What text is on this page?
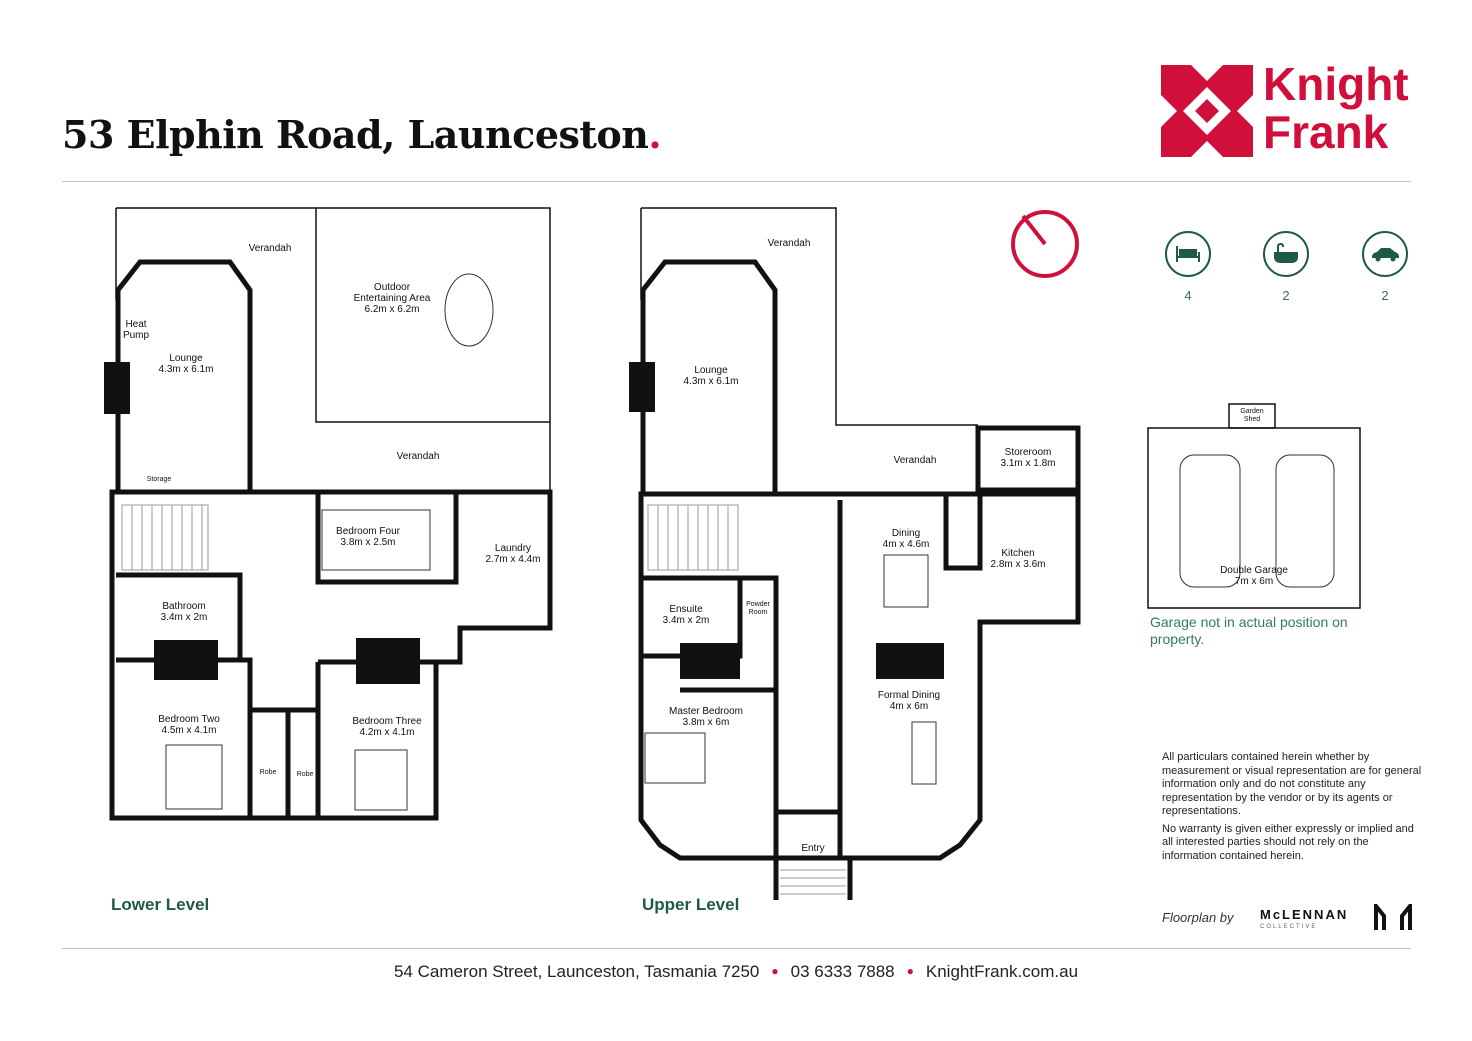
53 Elphin Road, Launceston.
Knight
Frank
Verandah
Outdoor
Entertaining Area
6.2m x 6.2m
Heat
Pump
Lounge
4.3m x 6.1m
Storage
Verandah
Bedroom Four
3.8m x 2.5m
Laundry
2.7m x 4.4m
Bathroom
3.4m x 2m
Bedroom Two
4.5m x 4.1m
Bedroom Three
4.2m x 4.1m
Robe	Robe
Verandah
Lounge
4.3m x 6.1m
Verandah
Storeroom
3.1m x 1.8m
Dining
4m x 4.6m
Kitchen
2.8m x 3.6m
Ensuite
3.4m x 2m
Powder
Room
Master Bedroom
3.8m x 6m
Formal Dining
4m x 6m
Entry
Garden
Shed
Double Garage
7m x 6m
Garage not in actual position on property.
Lower Level	Upper Level
4	2	2
All particulars contained herein whether by measurement or visual representation are for general information only and do not constitute any representation by the vendor or by its agents or representations.
No warranty is given either expressly or implied and all interested parties should not rely on the information contained herein.
Floorplan by McLENNAN
COLLECTIVE
54 Cameron Street, Launceston, Tasmania 7250 ● 03 6333 7888 ● KnightFrank.com.au
